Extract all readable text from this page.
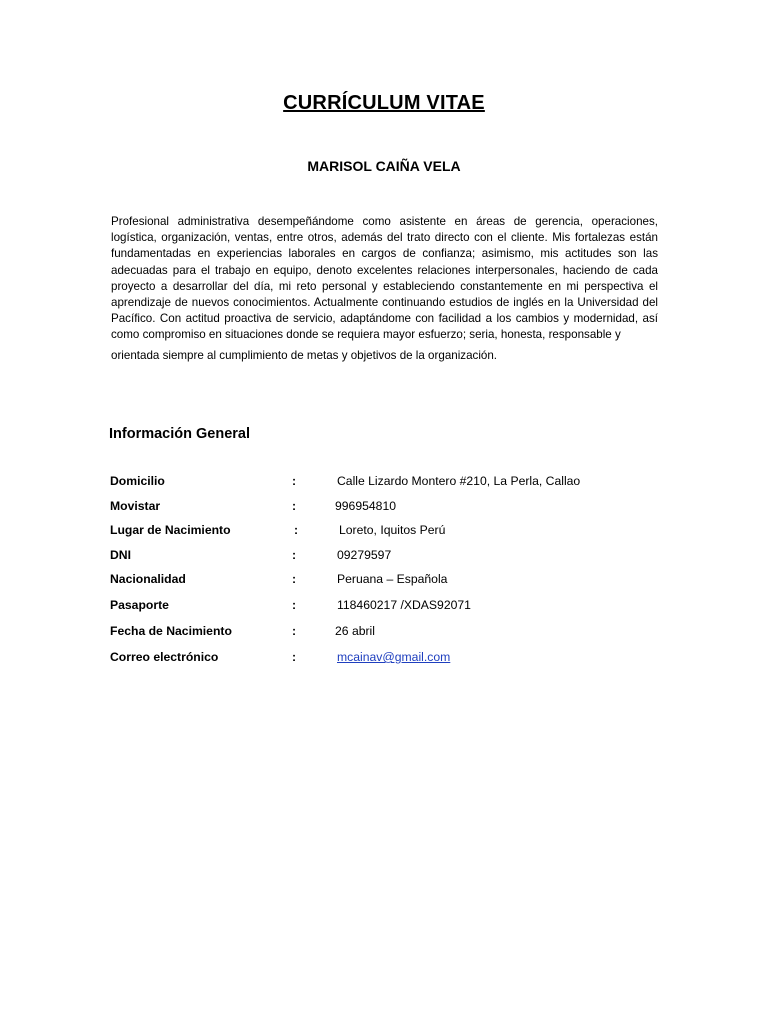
CURRÍCULUM VITAE
MARISOL CAIÑA VELA
Profesional administrativa desempeñándome como asistente en áreas de gerencia, operaciones, logística, organización, ventas, entre otros, además del trato directo con el cliente. Mis fortalezas están fundamentadas en experiencias laborales en cargos de confianza; asimismo, mis actitudes son las adecuadas para el trabajo en equipo, denoto excelentes relaciones interpersonales, haciendo de cada proyecto a desarrollar del día, mi reto personal y estableciendo constantemente en mi perspectiva el aprendizaje de nuevos conocimientos. Actualmente continuando estudios de inglés en la Universidad del Pacífico. Con actitud proactiva de servicio, adaptándome con facilidad a los cambios y modernidad, así como compromiso en situaciones donde se requiera mayor esfuerzo; seria, honesta, responsable y
orientada siempre al cumplimiento de metas y objetivos de la organización.
Información General
Domicilio	:	Calle Lizardo Montero #210, La Perla, Callao
Movistar	:	996954810
Lugar de Nacimiento	:	Loreto, Iquitos Perú
DNI	:	09279597
Nacionalidad	:	Peruana – Española
Pasaporte	:	118460217 /XDAS92071
Fecha de Nacimiento	:	26 abril
Correo electrónico	:	mcainav@gmail.com
